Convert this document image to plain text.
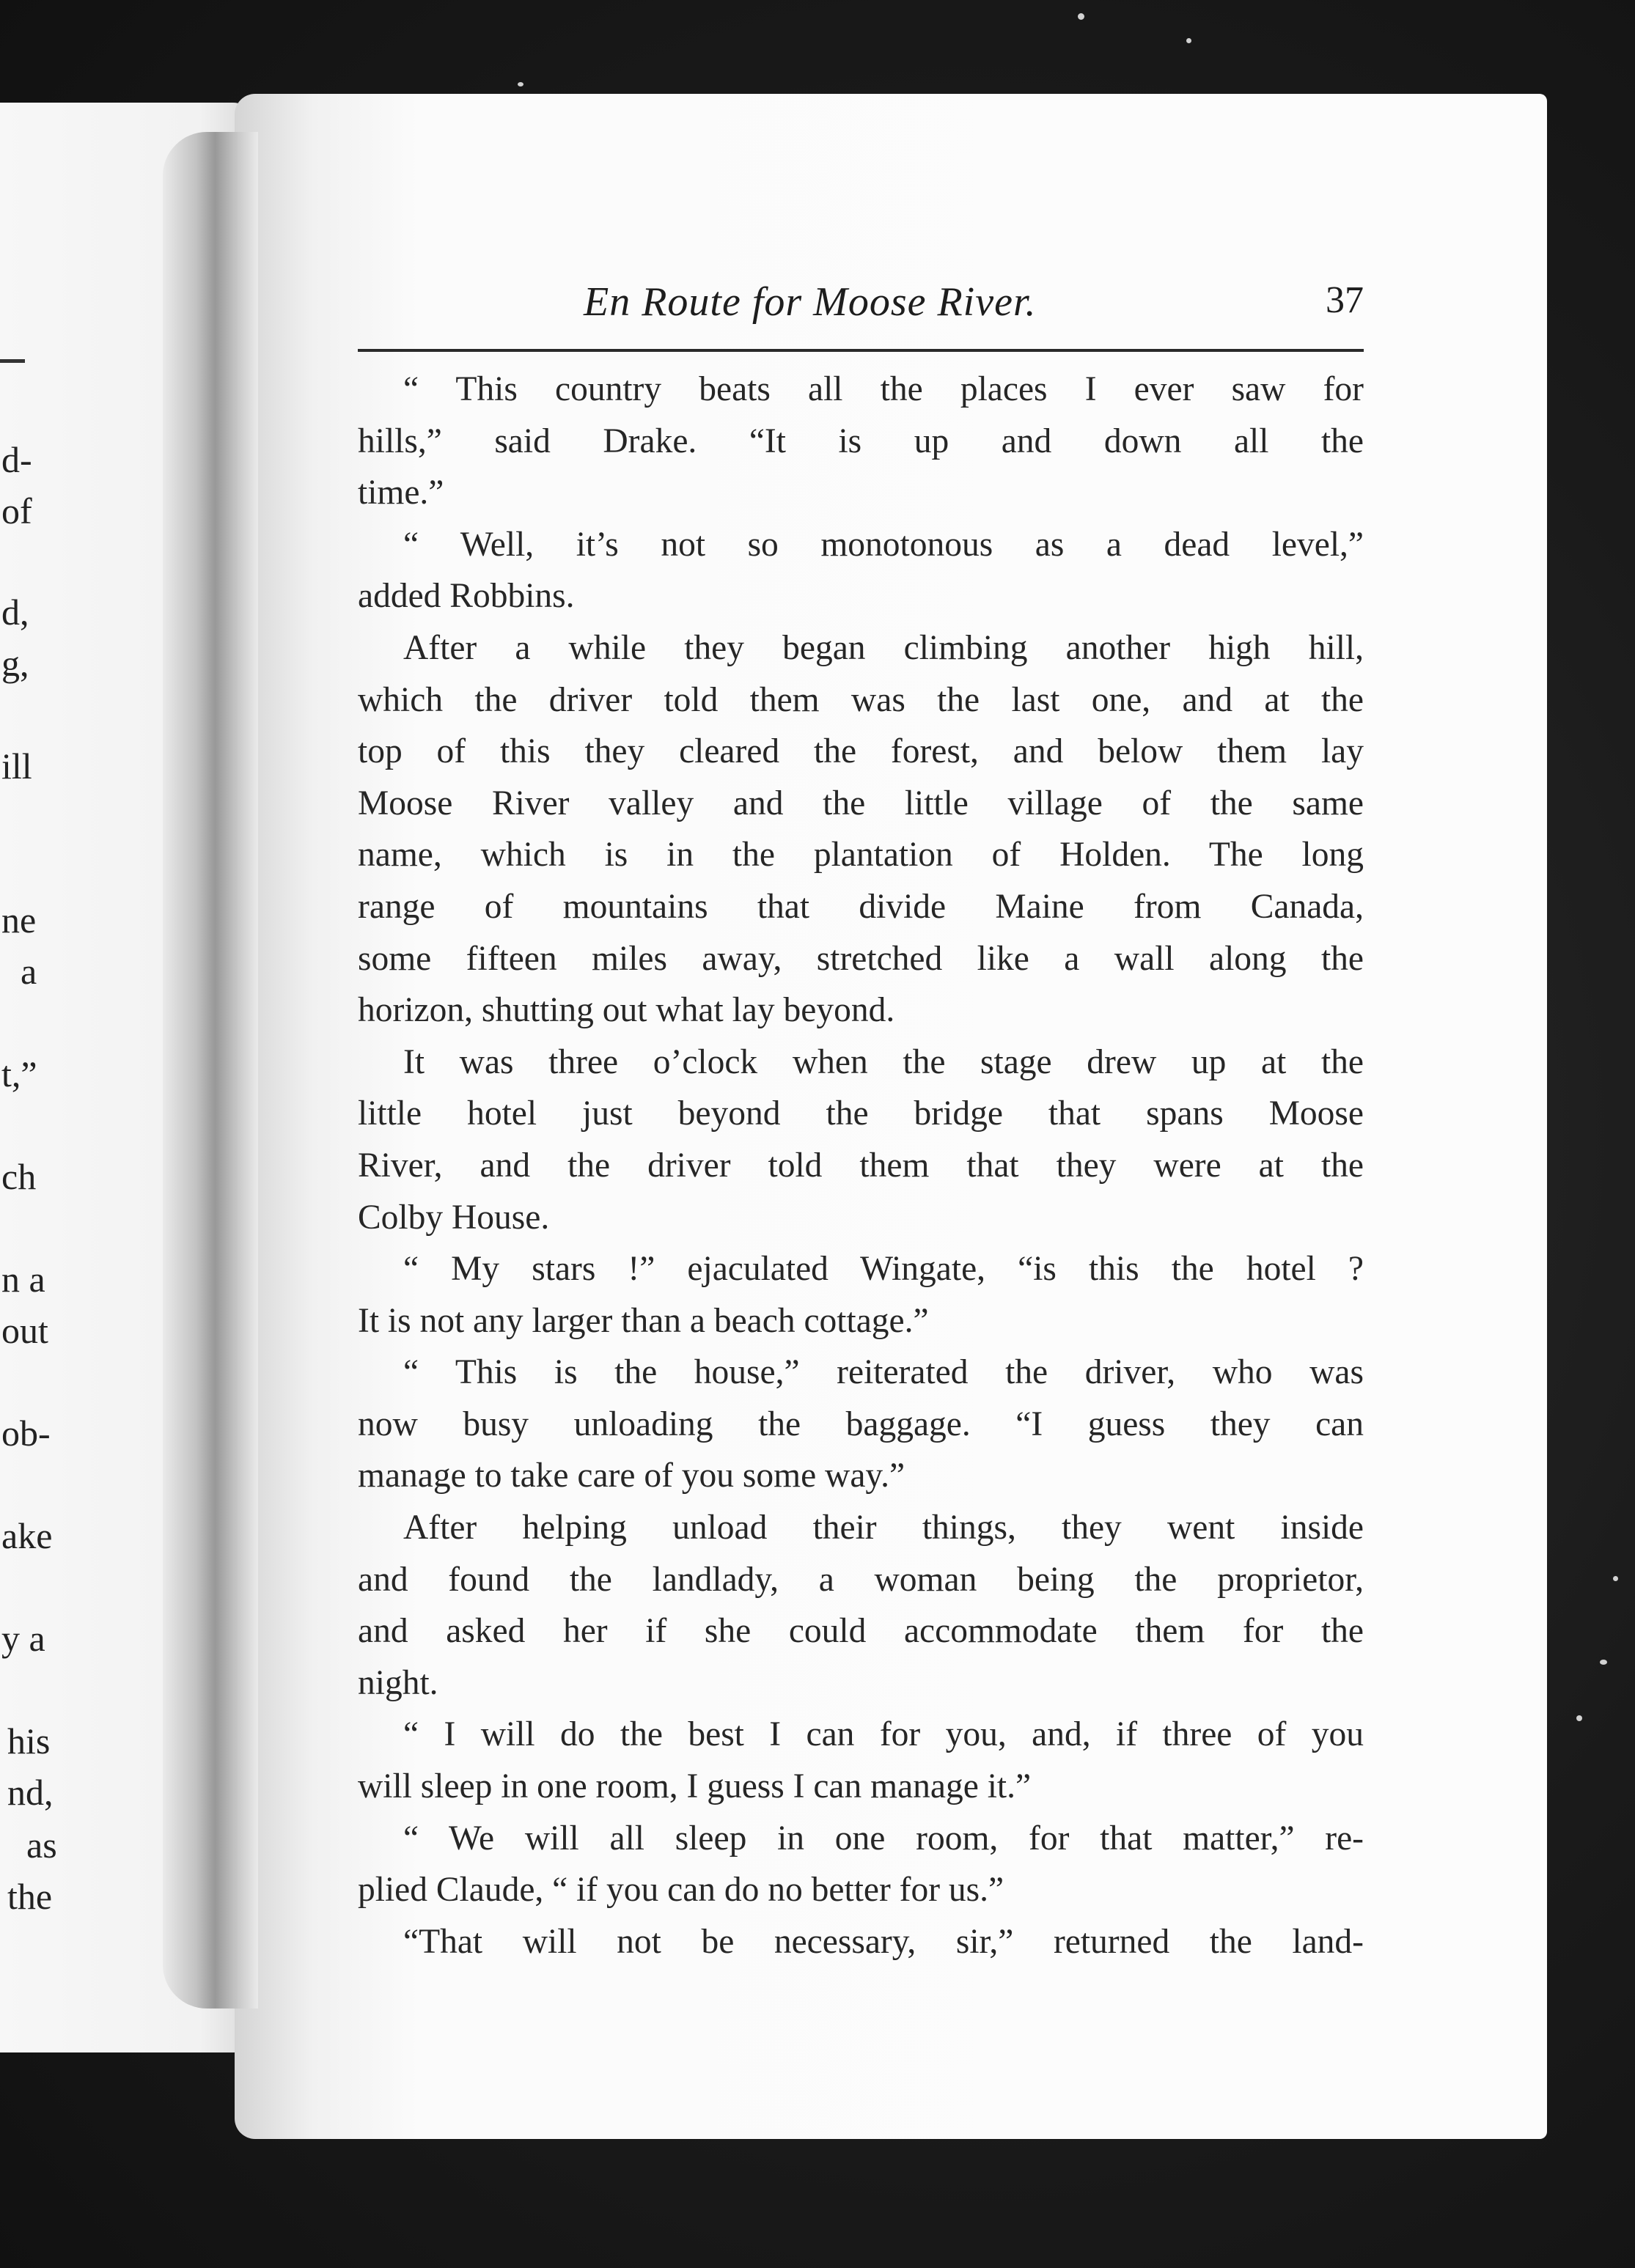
d-
of
d,
g,
ill
ne
a
t,”
ch
n a
out
ob-
ake
y a
his
nd,
as
the
En Route for Moose River.	37
“ This country beats all the places I ever saw for
hills,” said Drake. “It is up and down all the
time.”
“ Well, it’s not so monotonous as a dead level,”
added Robbins.
After a while they began climbing another high hill,
which the driver told them was the last one, and at the
top of this they cleared the forest, and below them lay
Moose River valley and the little village of the same
name, which is in the plantation of Holden. The long
range of mountains that divide Maine from Canada,
some fifteen miles away, stretched like a wall along the
horizon, shutting out what lay beyond.
It was three o’clock when the stage drew up at the
little hotel just beyond the bridge that spans Moose
River, and the driver told them that they were at the
Colby House.
“ My stars !” ejaculated Wingate, “is this the hotel ?
It is not any larger than a beach cottage.”
“ This is the house,” reiterated the driver, who was
now busy unloading the baggage. “I guess they can
manage to take care of you some way.”
After helping unload their things, they went inside
and found the landlady, a woman being the proprietor,
and asked her if she could accommodate them for the
night.
“ I will do the best I can for you, and, if three of you
will sleep in one room, I guess I can manage it.”
“ We will all sleep in one room, for that matter,” re-
plied Claude, “ if you can do no better for us.”
“That will not be necessary, sir,” returned the land-
